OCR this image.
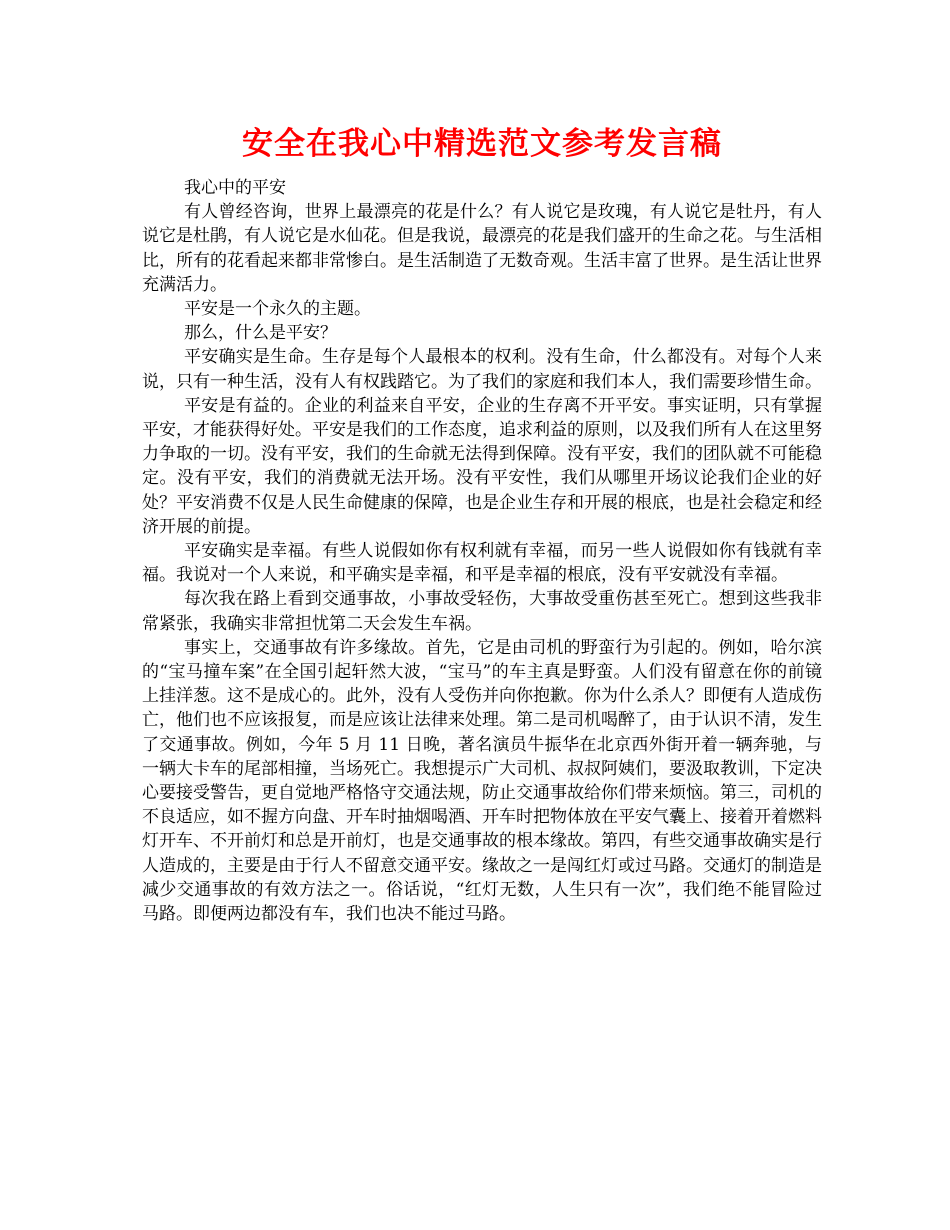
安全在我心中精选范文参考发言稿

我心中的平安

有人曾经咨询，世界上最漂亮的花是什么？有人说它是玫瑰，有人说它是牡丹，有人说它是杜鹃，有人说它是水仙花。但是我说，最漂亮的花是我们盛开的生命之花。与生活相比，所有的花看起来都非常惨白。是生活制造了无数奇观。生活丰富了世界。是生活让世界充满活力。

平安是一个永久的主题。

那么，什么是平安？

平安确实是生命。生存是每个人最根本的权利。没有生命，什么都没有。对每个人来说，只有一种生活，没有人有权践踏它。为了我们的家庭和我们本人，我们需要珍惜生命。

平安是有益的。企业的利益来自平安，企业的生存离不开平安。事实证明，只有掌握平安，才能获得好处。平安是我们的工作态度，追求利益的原则，以及我们所有人在这里努力争取的一切。没有平安，我们的生命就无法得到保障。没有平安，我们的团队就不可能稳定。没有平安，我们的消费就无法开场。没有平安性，我们从哪里开场议论我们企业的好处？平安消费不仅是人民生命健康的保障，也是企业生存和开展的根底，也是社会稳定和经济开展的前提。

平安确实是幸福。有些人说假如你有权利就有幸福，而另一些人说假如你有钱就有幸福。我说对一个人来说，和平确实是幸福，和平是幸福的根底，没有平安就没有幸福。

每次我在路上看到交通事故，小事故受轻伤，大事故受重伤甚至死亡。想到这些我非常紧张，我确实非常担忧第二天会发生车祸。

事实上，交通事故有许多缘故。首先，它是由司机的野蛮行为引起的。例如，哈尔滨的“宝马撞车案”在全国引起轩然大波，“宝马”的车主真是野蛮。人们没有留意在你的前镜上挂洋葱。这不是成心的。此外，没有人受伤并向你抱歉。你为什么杀人？即便有人造成伤亡，他们也不应该报复，而是应该让法律来处理。第二是司机喝醉了，由于认识不清，发生了交通事故。例如，今年 5 月 11 日晚，著名演员牛振华在北京西外街开着一辆奔驰，与一辆大卡车的尾部相撞，当场死亡。我想提示广大司机、叔叔阿姨们，要汲取教训，下定决心要接受警告，更自觉地严格恪守交通法规，防止交通事故给你们带来烦恼。第三，司机的不良适应，如不握方向盘、开车时抽烟喝酒、开车时把物体放在平安气囊上、接着开着燃料灯开车、不开前灯和总是开前灯，也是交通事故的根本缘故。第四，有些交通事故确实是行人造成的，主要是由于行人不留意交通平安。缘故之一是闯红灯或过马路。交通灯的制造是减少交通事故的有效方法之一。俗话说，“红灯无数，人生只有一次”，我们绝不能冒险过马路。即便两边都没有车，我们也决不能过马路。
